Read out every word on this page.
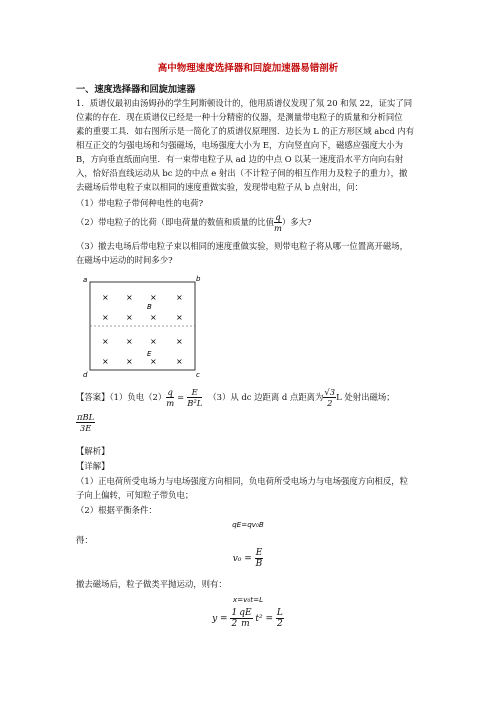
高中物理速度选择器和回旋加速器易错剖析
一、速度选择器和回旋加速器
1．质谱仪最初由汤姆孙的学生阿斯顿设计的，他用质谱仪发现了氖 20 和氖 22，证实了同
位素的存在．现在质谱仪已经是一种十分精密的仪器，是测量带电粒子的质量和分析同位
素的重要工具．如右图所示是一简化了的质谱仪原理图．边长为 L 的正方形区域 abcd 内有
相互正交的匀强电场和匀强磁场，电场强度大小为 E，方向竖直向下，磁感应强度大小为
B，方向垂直纸面向里．有一束带电粒子从 ad 边的中点 O 以某一速度沿水平方向向右射
入，恰好沿直线运动从 bc 边的中点 e 射出（不计粒子间的相互作用力及粒子的重力），撤
去磁场后带电粒子束以相同的速度重做实验，发现带电粒子从 b 点射出，问：
（1）带电粒子带何种电性的电荷?
（2）带电粒子的比荷（即电荷量的数值和质量的比值 $\frac{q}{m}$ ）多大?
（3）撤去电场后带电粒子束以相同的速度重做实验，则带电粒子将从哪一位置离开磁场，
在磁场中运动的时间多少?
a	b
d	c
× × × ×
× × × ×
× × × ×
× × × ×
B
E
【答案】（1）负电$(2) \frac{q}{m} = \frac{E}{\text{B²L}} (3)$从 dc 边距离 d 点距离为 $\frac{√3}{2}$ L 处射出磁场；
$\frac{\text{πBL}}{3E}$
【解析】
【详解】
（1）正电荷所受电场力与电场强度方向相同，负电荷所受电场力与电场强度方向相反，粒
子向上偏转，可知粒子带负电；
（2）根据平衡条件：
qE=qv₀B
得：
$v_0 = \frac{E}{B}$
撤去磁场后，粒子做类平抛运动，则有：
x=v₀t=L
$y = \frac{1}{2} \frac{qE}{m} t^2 = \frac{L}{2}$
